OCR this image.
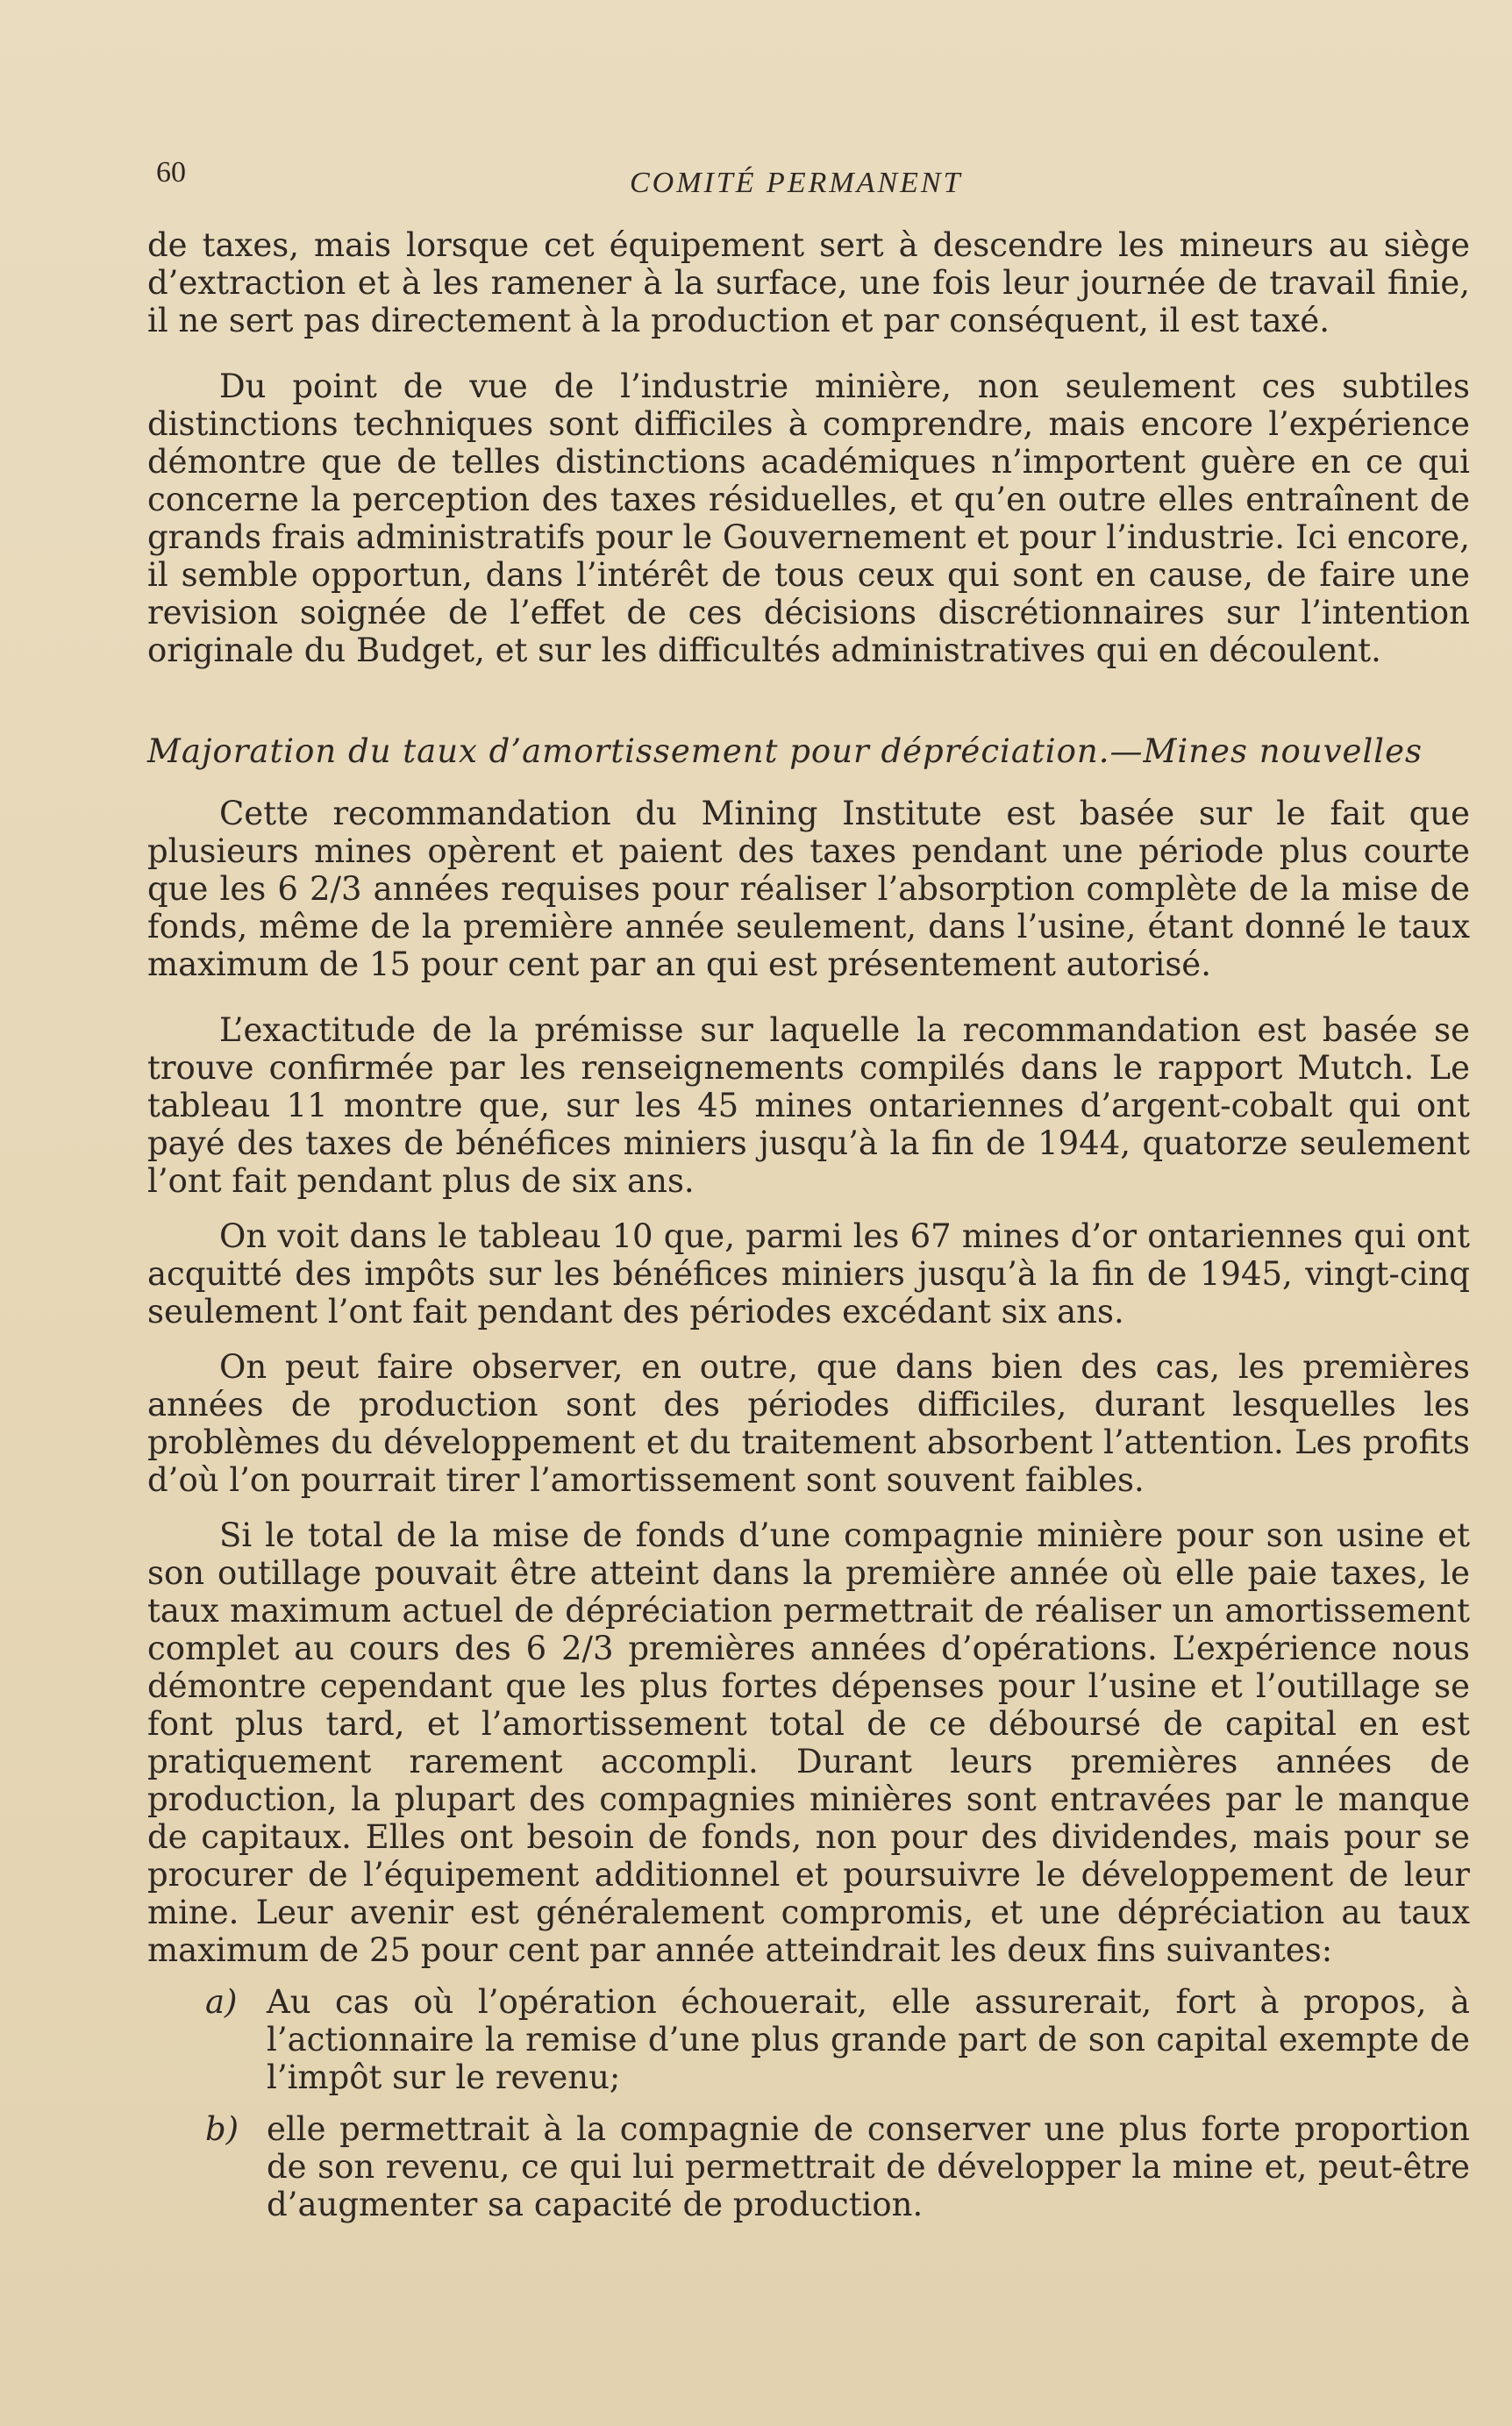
60	COMITÉ PERMANENT

de taxes, mais lorsque cet équipement sert à descendre les mineurs au siège d’extraction et à les ramener à la surface, une fois leur journée de travail finie, il ne sert pas directement à la production et par conséquent, il est taxé.

Du point de vue de l’industrie minière, non seulement ces subtiles distinctions techniques sont difficiles à comprendre, mais encore l’expérience démontre que de telles distinctions académiques n’importent guère en ce qui concerne la perception des taxes résiduelles, et qu’en outre elles entraînent de grands frais administratifs pour le Gouvernement et pour l’industrie. Ici encore, il semble opportun, dans l’intérêt de tous ceux qui sont en cause, de faire une revision soignée de l’effet de ces décisions discrétionnaires sur l’intention originale du Budget, et sur les difficultés administratives qui en découlent.

Majoration du taux d’amortissement pour dépréciation.—Mines nouvelles

Cette recommandation du Mining Institute est basée sur le fait que plusieurs mines opèrent et paient des taxes pendant une période plus courte que les 6 2/3 années requises pour réaliser l’absorption complète de la mise de fonds, même de la première année seulement, dans l’usine, étant donné le taux maximum de 15 pour cent par an qui est présentement autorisé.

L’exactitude de la prémisse sur laquelle la recommandation est basée se trouve confirmée par les renseignements compilés dans le rapport Mutch. Le tableau 11 montre que, sur les 45 mines ontariennes d’argent-cobalt qui ont payé des taxes de bénéfices miniers jusqu’à la fin de 1944, quatorze seulement l’ont fait pendant plus de six ans.

On voit dans le tableau 10 que, parmi les 67 mines d’or ontariennes qui ont acquitté des impôts sur les bénéfices miniers jusqu’à la fin de 1945, vingt-cinq seulement l’ont fait pendant des périodes excédant six ans.

On peut faire observer, en outre, que dans bien des cas, les premières années de production sont des périodes difficiles, durant lesquelles les problèmes du développement et du traitement absorbent l’attention. Les profits d’où l’on pourrait tirer l’amortissement sont souvent faibles.

Si le total de la mise de fonds d’une compagnie minière pour son usine et son outillage pouvait être atteint dans la première année où elle paie taxes, le taux maximum actuel de dépréciation permettrait de réaliser un amortissement complet au cours des 6 2/3 premières années d’opérations. L’expérience nous démontre cependant que les plus fortes dépenses pour l’usine et l’outillage se font plus tard, et l’amortissement total de ce déboursé de capital en est pratiquement rarement accompli. Durant leurs premières années de production, la plupart des compagnies minières sont entravées par le manque de capitaux. Elles ont besoin de fonds, non pour des dividendes, mais pour se procurer de l’équipement additionnel et poursuivre le développement de leur mine. Leur avenir est généralement compromis, et une dépréciation au taux maximum de 25 pour cent par année atteindrait les deux fins suivantes:

a) Au cas où l’opération échouerait, elle assurerait, fort à propos, à l’actionnaire la remise d’une plus grande part de son capital exempte de l’impôt sur le revenu;
b) elle permettrait à la compagnie de conserver une plus forte proportion de son revenu, ce qui lui permettrait de développer la mine et, peut-être d’augmenter sa capacité de production.
